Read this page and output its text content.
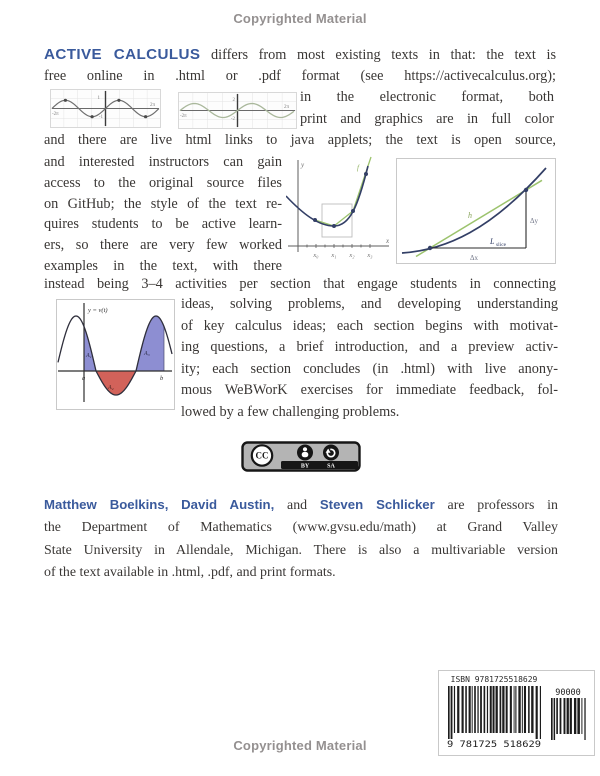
Copyrighted Material
ACTIVE CALCULUS differs from most existing texts in that: the text is
free online in .html or .pdf format (see https://activecalculus.org);
-2π
1
-1
2π
-2π
2
-2
2π
in the electronic format, both
print and graphics are in full color
and there are live html links to java applets; the text is open source,
and interested instructors can gain
access to the original source files
on GitHub; the style of the text re-
quires students to be active learn-
ers, so there are very few worked
examples in the text, with there
y
x
f
x₀ x₁ x₂ x₃
h
L slice
Δy
Δx
instead being 3–4 activities per section that engage students in connecting
y = v(t)
A₁
A₂
A₃
a	b
ideas, solving problems, and developing understanding
of key calculus ideas; each section begins with motivat-
ing questions, a brief introduction, and a preview activ-
ity; each section concludes (in .html) with live anony-
mous WeBWorK exercises for immediate feedback, fol-
lowed by a few challenging problems.
CC
BY	SA
Matthew Boelkins, David Austin, and Steven Schlicker are professors in
the Department of Mathematics (www.gvsu.edu/math) at Grand Valley
State University in Allendale, Michigan. There is also a multivariable version
of the text available in .html, .pdf, and print formats.
ISBN 9781725518629
9 781725 518629
90000
Copyrighted Material
